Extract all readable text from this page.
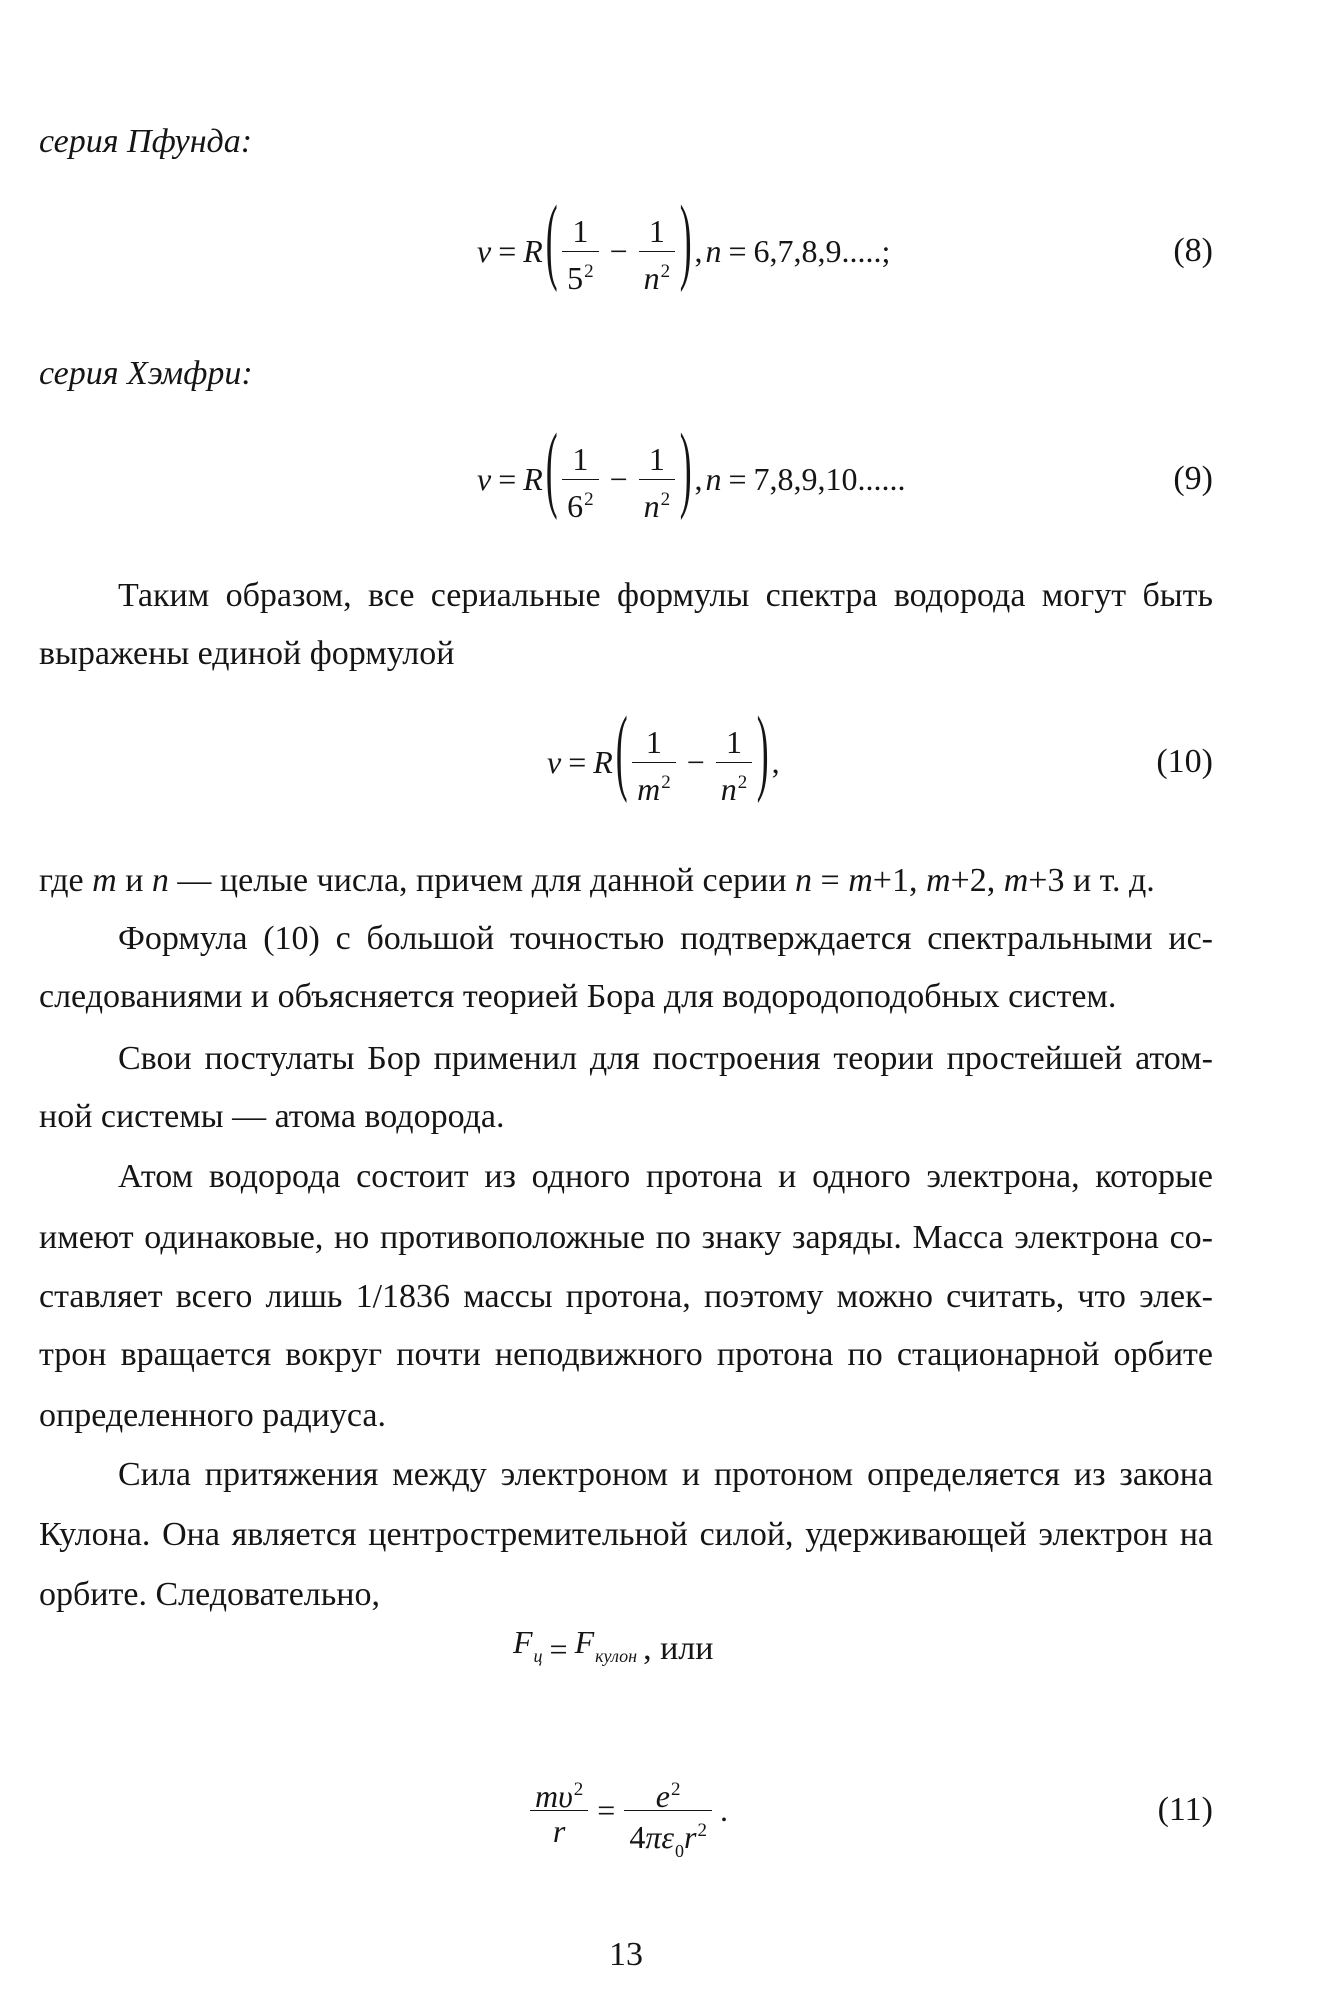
серия Пфунда:
ν = R ( $\frac{1}{5^2} - \frac{1}{n^2}$ ) , n = 6,7,8,9.....;	(8)
серия Хэмфри:
ν = R ( $\frac{1}{6^2} - \frac{1}{n^2}$ ) , n = 7,8,9,10......	(9)
Таким образом, все сериальные формулы спектра водорода могут быть
выражены единой формулой
ν = R ( $\frac{1}{m^2} - \frac{1}{n^2}$ ) ,	(10)
где m и n — целые числа, причем для данной серии n = m+1, m+2, m+3 и т. д.
Формула (10) с большой точностью подтверждается спектральными ис-
следованиями и объясняется теорией Бора для водородоподобных систем.
Свои постулаты Бор применил для построения теории простейшей атом-
ной системы — атома водорода.
Атом водорода состоит из одного протона и одного электрона, которые
имеют одинаковые, но противоположные по знаку заряды. Масса электрона со-
ставляет всего лишь 1/1836 массы протона, поэтому можно считать, что элек-
трон вращается вокруг почти неподвижного протона по стационарной орбите
определенного радиуса.
Сила притяжения между электроном и протоном определяется из закона
Кулона. Она является центростремительной силой, удерживающей электрон на
орбите. Следовательно,
$F_ц = F_{кулон}$ , или
$\frac{m\upsilon^2}{r} = \frac{e^2}{4\pi\varepsilon_0r^2}$ .	(11)
13
